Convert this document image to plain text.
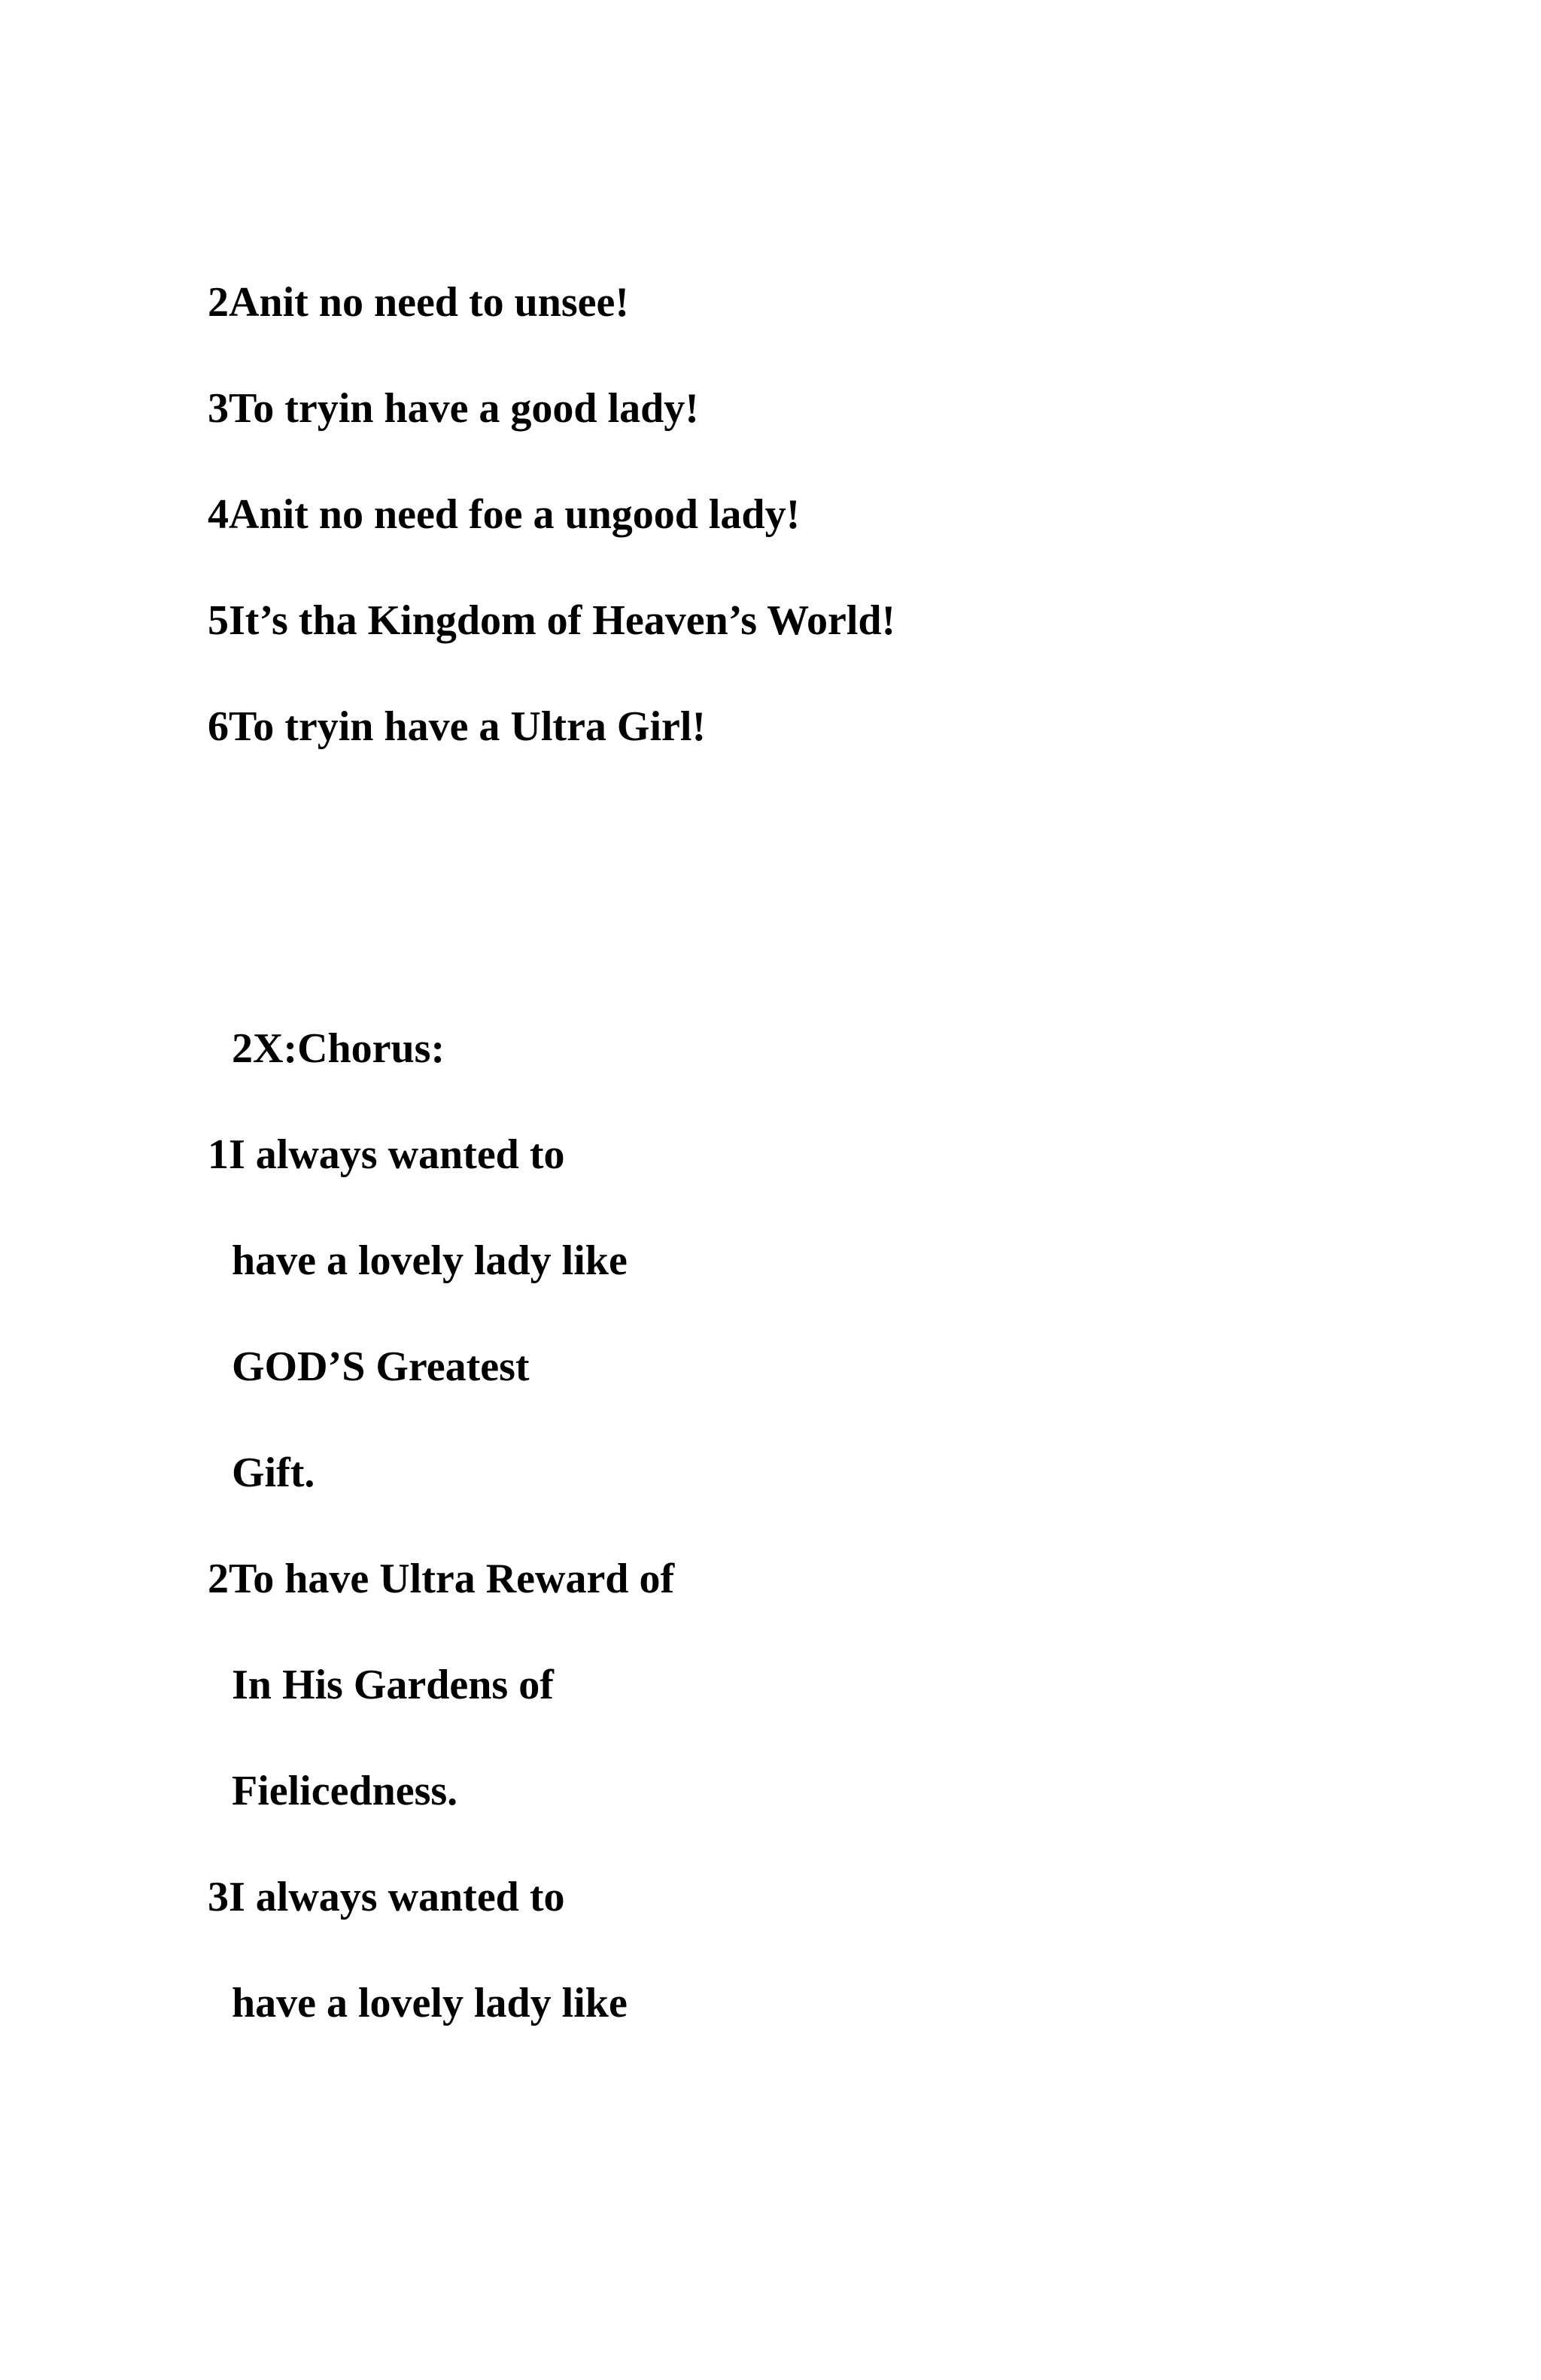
2Anit no need to unsee!

3To tryin have a good lady!

4Anit no need foe a ungood lady!

5It’s tha Kingdom of Heaven’s World!

6To tryin have a Ultra Girl!

2X:Chorus:

1I always wanted to

have a lovely lady like

GOD’S Greatest

Gift.

2To have Ultra Reward of

In His Gardens of

Fielicedness.

3I always wanted to

have a lovely lady like
